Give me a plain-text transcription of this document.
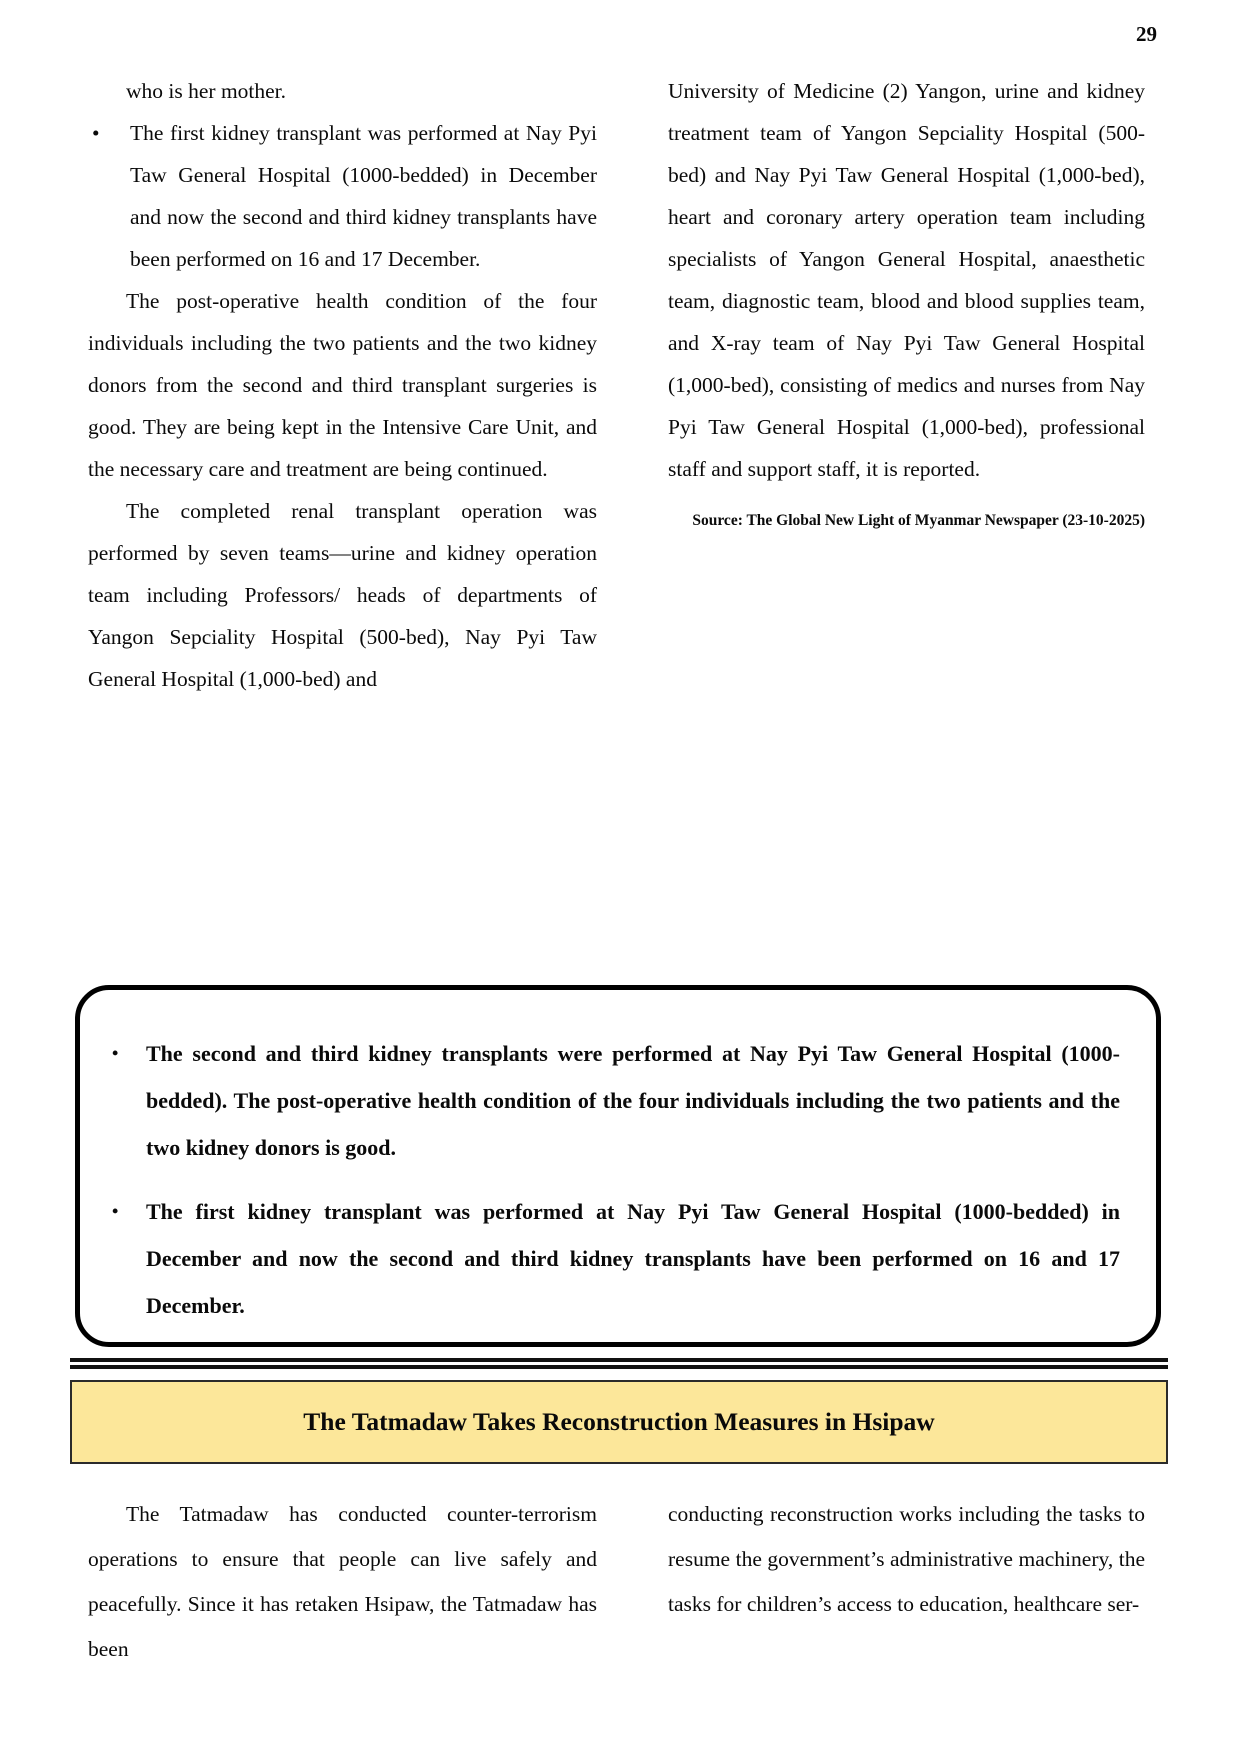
29

who is her mother.

•	The first kidney transplant was performed at Nay Pyi Taw General Hospital (1000-bedded) in December and now the second and third kidney transplants have been performed on 16 and 17 December.

The post-operative health condition of the four individuals including the two patients and the two kidney donors from the second and third transplant surgeries is good. They are being kept in the Intensive Care Unit, and the necessary care and treatment are being continued.

The completed renal transplant operation was performed by seven teams—urine and kidney operation team including Professors/ heads of departments of Yangon Sepciality Hospital (500-bed), Nay Pyi Taw General Hospital (1,000-bed) and

University of Medicine (2) Yangon, urine and kidney treatment team of Yangon Sepciality Hospital (500-bed) and Nay Pyi Taw General Hospital (1,000-bed), heart and coronary artery operation team including specialists of Yangon General Hospital, anaesthetic team, diagnostic team, blood and blood supplies team, and X-ray team of Nay Pyi Taw General Hospital (1,000-bed), consisting of medics and nurses from Nay Pyi Taw General Hospital (1,000-bed), professional staff and support staff, it is reported.

Source: The Global New Light of Myanmar Newspaper (23-10-2025)
•	The second and third kidney transplants were performed at Nay Pyi Taw General Hospital (1000-bedded). The post-operative health condition of the four individuals including the two patients and the two kidney donors is good.
•	The first kidney transplant was performed at Nay Pyi Taw General Hospital (1000-bedded) in December and now the second and third kidney transplants have been performed on 16 and 17 December.
The Tatmadaw Takes Reconstruction Measures in Hsipaw

The Tatmadaw has conducted counter-terrorism operations to ensure that people can live safely and peacefully. Since it has retaken Hsipaw, the Tatmadaw has been

conducting reconstruction works including the tasks to resume the government’s administrative machinery, the tasks for children’s access to education, healthcare ser-
